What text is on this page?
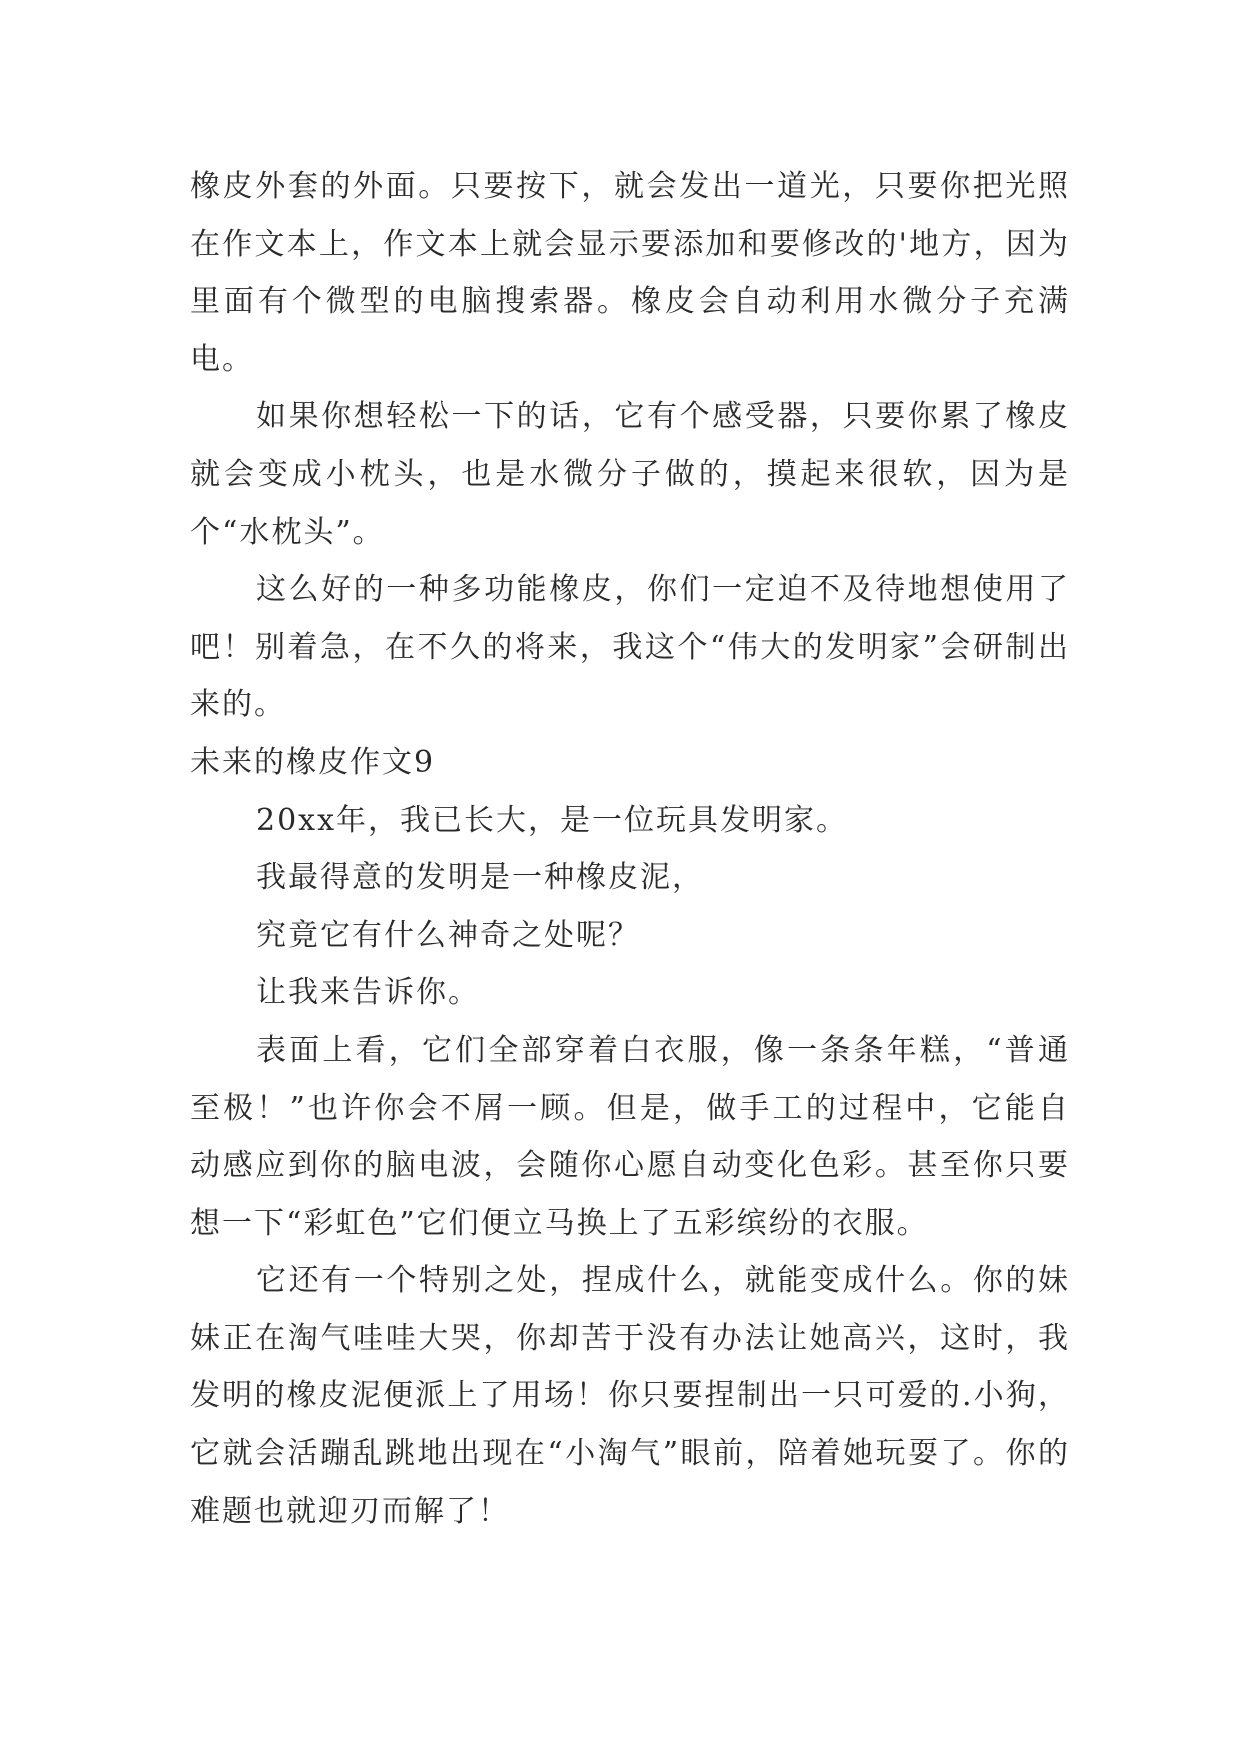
橡皮外套的外面。只要按下，就会发出一道光，只要你把光照在作文本上，作文本上就会显示要添加和要修改的'地方，因为里面有个微型的电脑搜索器。橡皮会自动利用水微分子充满电。

如果你想轻松一下的话，它有个感受器，只要你累了橡皮就会变成小枕头，也是水微分子做的，摸起来很软，因为是个“水枕头”。

这么好的一种多功能橡皮，你们一定迫不及待地想使用了吧！别着急，在不久的将来，我这个“伟大的发明家”会研制出来的。

未来的橡皮作文9

20xx年，我已长大，是一位玩具发明家。

我最得意的发明是一种橡皮泥，

究竟它有什么神奇之处呢？

让我来告诉你。

表面上看，它们全部穿着白衣服，像一条条年糕，“普通至极！”也许你会不屑一顾。但是，做手工的过程中，它能自动感应到你的脑电波，会随你心愿自动变化色彩。甚至你只要想一下“彩虹色”它们便立马换上了五彩缤纷的衣服。

它还有一个特别之处，捏成什么，就能变成什么。你的妹妹正在淘气哇哇大哭，你却苦于没有办法让她高兴，这时，我发明的橡皮泥便派上了用场！你只要捏制出一只可爱的.小狗，它就会活蹦乱跳地出现在“小淘气”眼前，陪着她玩耍了。你的难题也就迎刃而解了！
